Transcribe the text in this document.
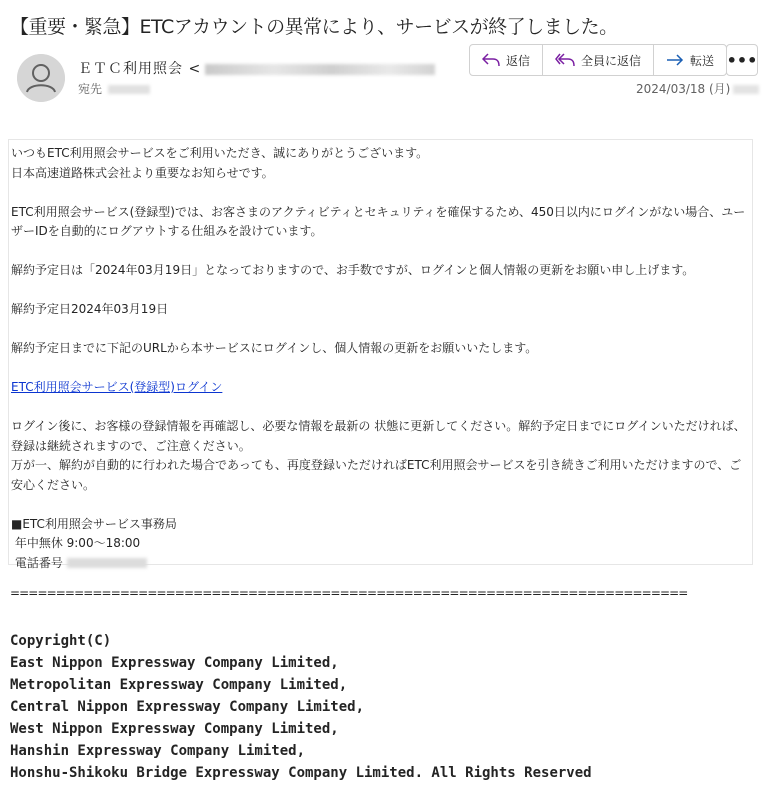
【重要・緊急】ETCアカウントの異常により、サービスが終了しました。
ＥＴＣ利用照会 <
宛先
返信	全員に返信	転送 •••
2024/03/18 (月)

いつもETC利用照会サービスをご利用いただき、誠にありがとうございます。

日本高速道路株式会社より重要なお知らせです。

ETC利用照会サービス(登録型)では、お客さまのアクティビティとセキュリティを確保するため、450日以内にログインがない場合、ユーザーIDを自動的にログアウトする仕組みを設けています。

解約予定日は「2024年03月19日」となっておりますので、お手数ですが、ログインと個人情報の更新をお願い申し上げます。

解約予定日2024年03月19日

解約予定日までに下記のURLから本サービスにログインし、個人情報の更新をお願いいたします。

ETC利用照会サービス(登録型)ログイン

ログイン後に、お客様の登録情報を再確認し、必要な情報を最新の 状態に更新してください。解約予定日までにログインいただければ、登録は継続されますので、ご注意ください。

万が一、解約が自動的に行われた場合であっても、再度登録いただければETC利用照会サービスを引き続きご利用いただけますので、ご安心ください。

■ETC利用照会サービス事務局

年中無休 9:00～18:00

電話番号

==========================================================================

Copyright(C)

East Nippon Expressway Company Limited,

Metropolitan Expressway Company Limited,

Central Nippon Expressway Company Limited,

West Nippon Expressway Company Limited,

Hanshin Expressway Company Limited,

Honshu-Shikoku Bridge Expressway Company Limited. All Rights Reserved
